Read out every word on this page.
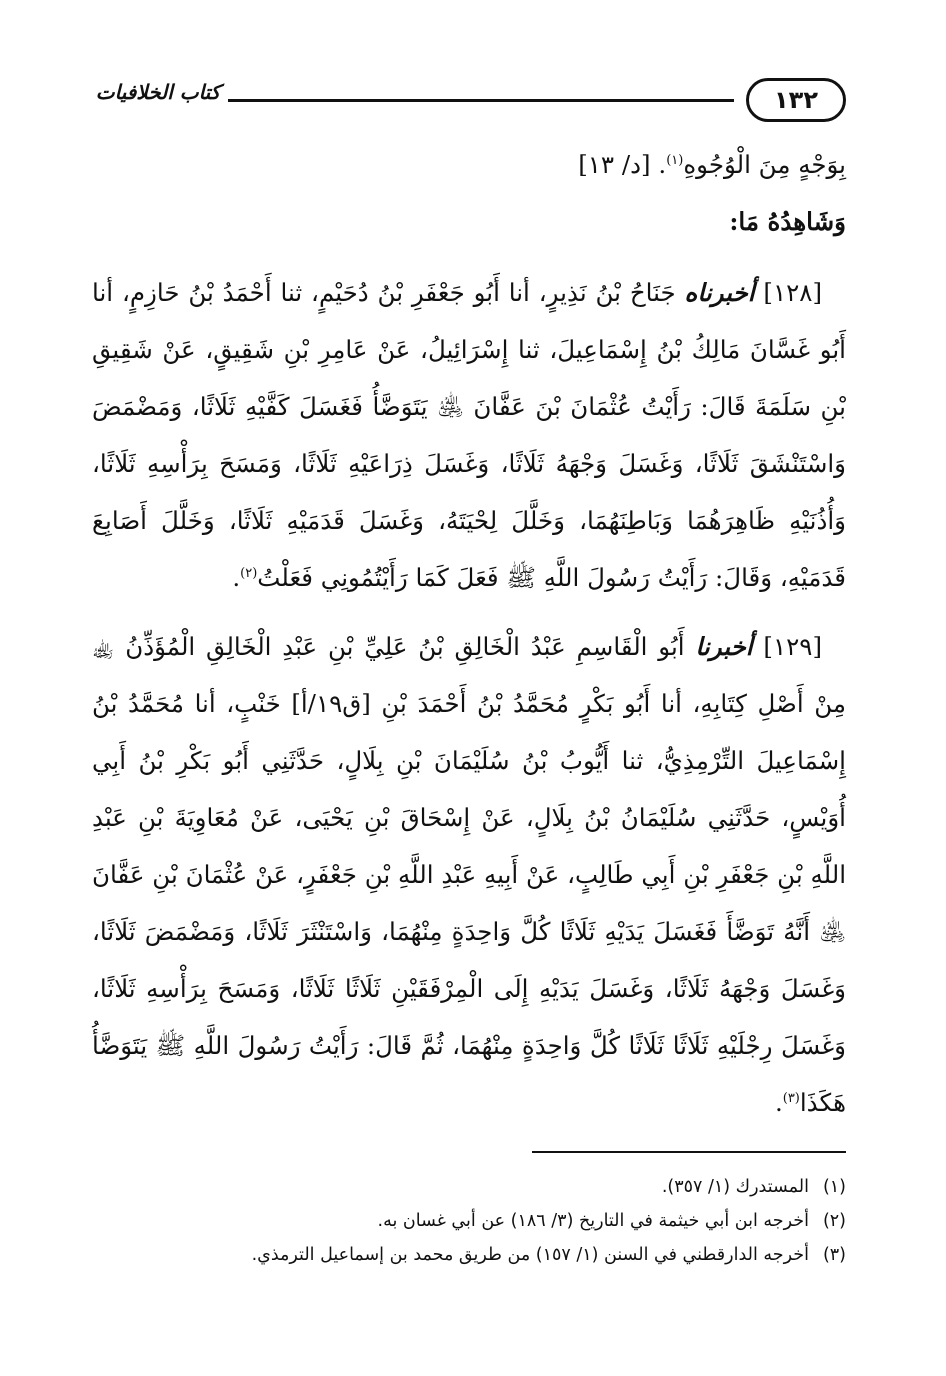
١٣٢
كتاب الخلافيات

بِوَجْهٍ مِنَ الْوُجُوهِ$^{(١)}$. [د/ ١٣]

وَشَاهِدُهُ مَا:

[١٢٨] أخبرناه جَنَاحُ بْنُ نَذِيرٍ، أنا أَبُو جَعْفَرِ بْنُ دُحَيْمٍ، ثنا أَحْمَدُ بْنُ حَازِمٍ، أنا أَبُو غَسَّانَ مَالِكُ بْنُ إِسْمَاعِيلَ، ثنا إِسْرَائِيلُ، عَنْ عَامِرِ بْنِ شَقِيقٍ، عَنْ شَقِيقِ بْنِ سَلَمَةَ قَالَ: رَأَيْتُ عُثْمَانَ بْنَ عَفَّانَ ﵁ يَتَوَضَّأُ فَغَسَلَ كَفَّيْهِ ثَلَاثًا، وَمَضْمَضَ وَاسْتَنْشَقَ ثَلَاثًا، وَغَسَلَ وَجْهَهُ ثَلَاثًا، وَغَسَلَ ذِرَاعَيْهِ ثَلَاثًا، وَمَسَحَ بِرَأْسِهِ ثَلَاثًا، وَأُذُنَيْهِ ظَاهِرَهُمَا وَبَاطِنَهُمَا، وَخَلَّلَ لِحْيَتَهُ، وَغَسَلَ قَدَمَيْهِ ثَلَاثًا، وَخَلَّلَ أَصَابِعَ قَدَمَيْهِ، وَقَالَ: رَأَيْتُ رَسُولَ اللَّهِ ﷺ فَعَلَ كَمَا رَأَيْتُمُونِي فَعَلْتُ$^{(٢)}$.

[١٢٩] أخبرنا أَبُو الْقَاسِمِ عَبْدُ الْخَالِقِ بْنُ عَلِيِّ بْنِ عَبْدِ الْخَالِقِ الْمُؤَذِّنُ ﵀ مِنْ أَصْلِ كِتَابِهِ، أنا أَبُو بَكْرٍ مُحَمَّدُ بْنُ أَحْمَدَ بْنِ [ق١٩/أ] خَنْبٍ، أنا مُحَمَّدُ بْنُ إِسْمَاعِيلَ التِّرْمِذِيُّ، ثنا أَيُّوبُ بْنُ سُلَيْمَانَ بْنِ بِلَالٍ، حَدَّثَنِي أَبُو بَكْرِ بْنُ أَبِي أُوَيْسٍ، حَدَّثَنِي سُلَيْمَانُ بْنُ بِلَالٍ، عَنْ إِسْحَاقَ بْنِ يَحْيَى، عَنْ مُعَاوِيَةَ بْنِ عَبْدِ اللَّهِ بْنِ جَعْفَرِ بْنِ أَبِي طَالِبٍ، عَنْ أَبِيهِ عَبْدِ اللَّهِ بْنِ جَعْفَرٍ، عَنْ عُثْمَانَ بْنِ عَفَّانَ ﵁ أَنَّهُ تَوَضَّأَ فَغَسَلَ يَدَيْهِ ثَلَاثًا كُلَّ وَاحِدَةٍ مِنْهُمَا، وَاسْتَنْثَرَ ثَلَاثًا، وَمَضْمَضَ ثَلَاثًا، وَغَسَلَ وَجْهَهُ ثَلَاثًا، وَغَسَلَ يَدَيْهِ إِلَى الْمِرْفَقَيْنِ ثَلَاثًا ثَلَاثًا، وَمَسَحَ بِرَأْسِهِ ثَلَاثًا، وَغَسَلَ رِجْلَيْهِ ثَلَاثًا ثَلَاثًا كُلَّ وَاحِدَةٍ مِنْهُمَا، ثُمَّ قَالَ: رَأَيْتُ رَسُولَ اللَّهِ ﷺ يَتَوَضَّأُ هَكَذَا$^{(٣)}$.

(١)المستدرك (١/ ٣٥٧).

(٢)أخرجه ابن أبي خيثمة في التاريخ (٣/ ١٨٦) عن أبي غسان به.

(٣)أخرجه الدارقطني في السنن (١/ ١٥٧) من طريق محمد بن إسماعيل الترمذي.
